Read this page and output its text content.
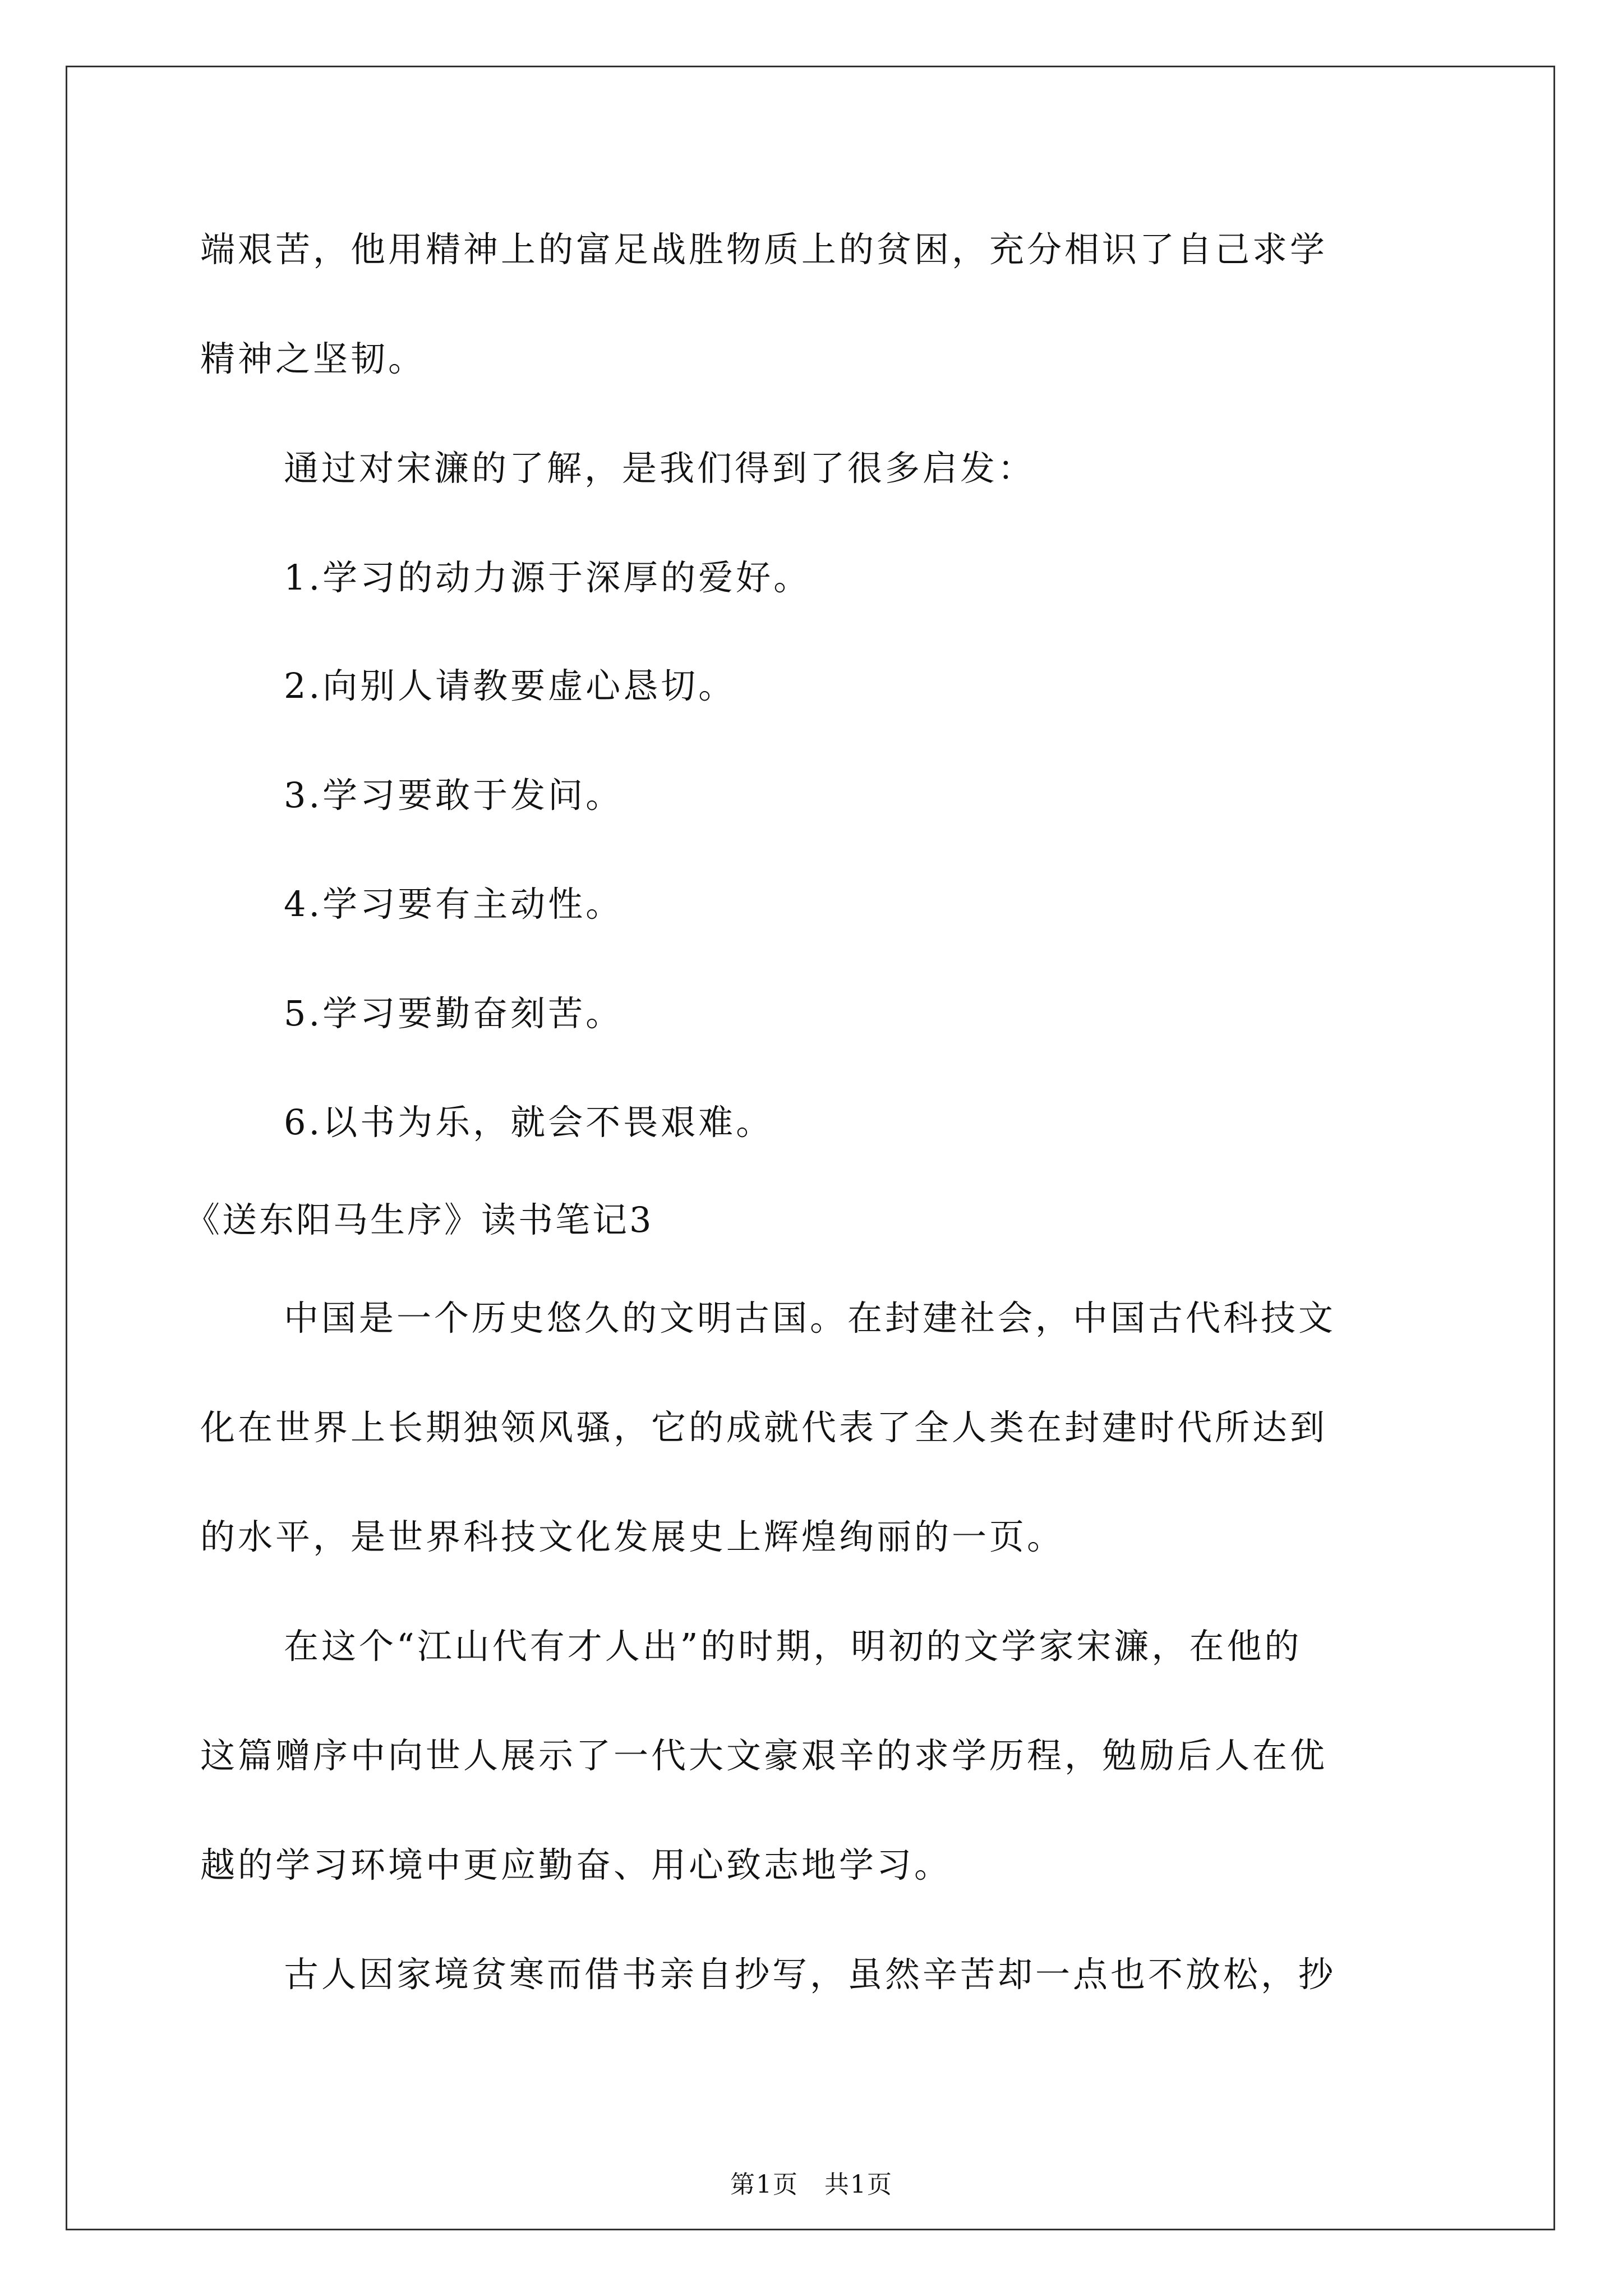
端艰苦，他用精神上的富足战胜物质上的贫困，充分相识了自己求学
精神之坚韧。
通过对宋濂的了解，是我们得到了很多启发：
1.学习的动力源于深厚的爱好。
2.向别人请教要虚心恳切。
3.学习要敢于发问。
4.学习要有主动性。
5.学习要勤奋刻苦。
6.以书为乐，就会不畏艰难。
《送东阳马生序》读书笔记3
中国是一个历史悠久的文明古国。在封建社会，中国古代科技文
化在世界上长期独领风骚，它的成就代表了全人类在封建时代所达到
的水平，是世界科技文化发展史上辉煌绚丽的一页。
在这个“江山代有才人出”的时期，明初的文学家宋濂，在他的
这篇赠序中向世人展示了一代大文豪艰辛的求学历程，勉励后人在优
越的学习环境中更应勤奋、用心致志地学习。
古人因家境贫寒而借书亲自抄写，虽然辛苦却一点也不放松，抄
第1页　共1页
